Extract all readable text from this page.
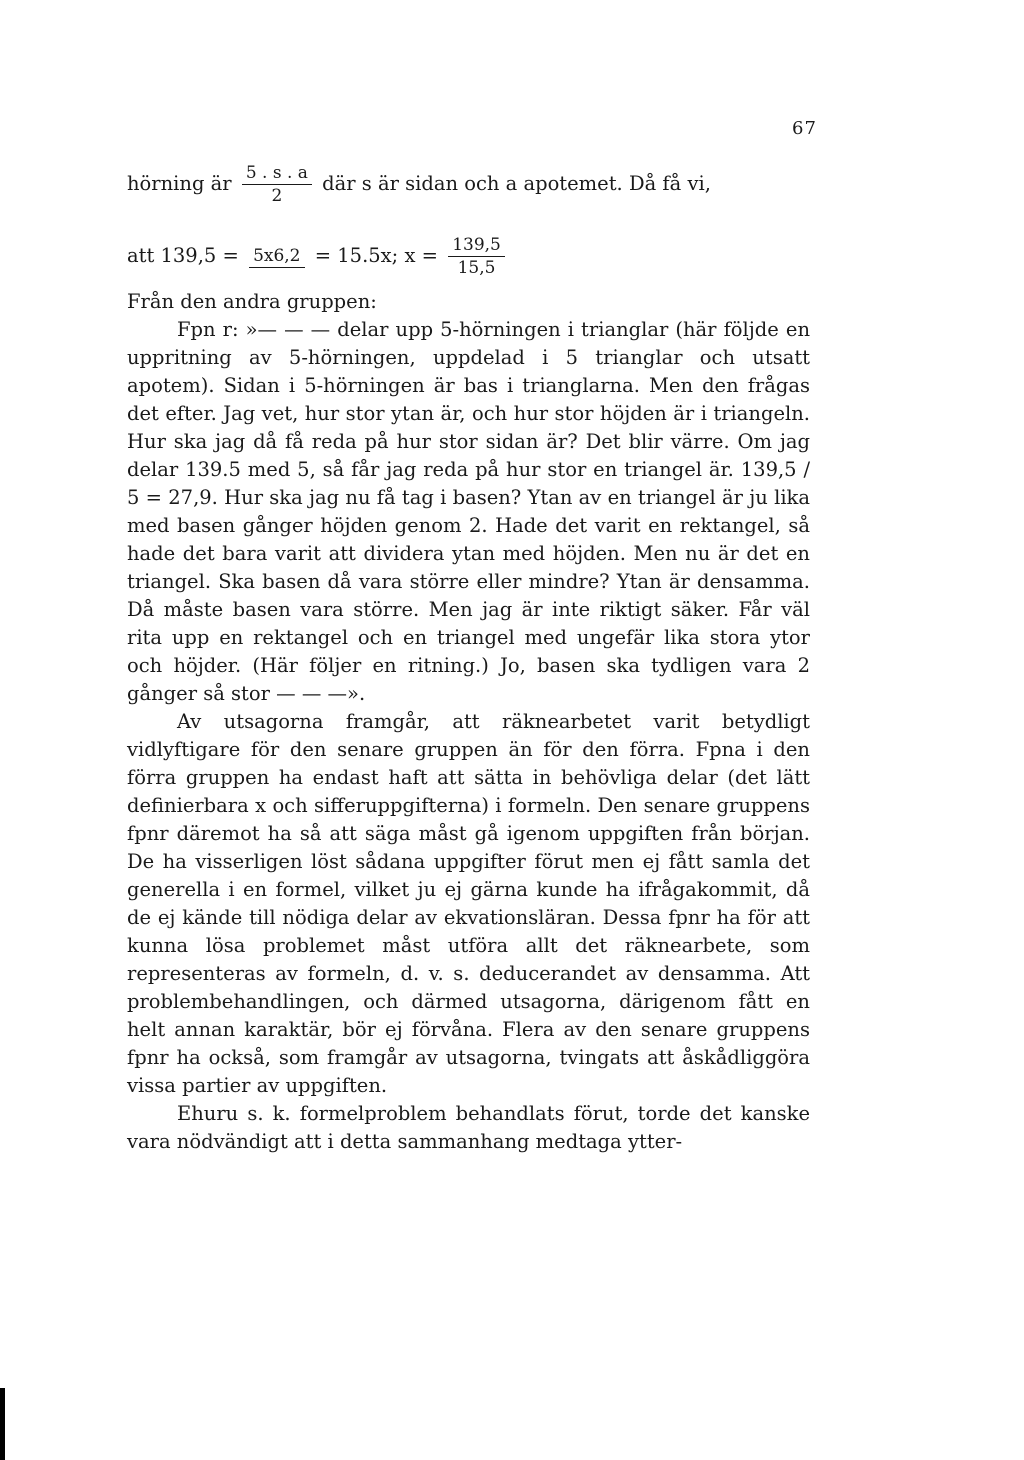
67
hörning är $\frac{5 . s . a}{2}$ där s är sidan och a apotemet. Då få vi,
att 139,5 = 5x6,2 = 15.5x; $x = \frac{139,5}{15,5}$

Från den andra gruppen:

Fpn r: »— — — delar upp 5-hörningen i trianglar (här följde en uppritning av 5-hörningen, uppdelad i 5 trianglar och utsatt apotem). Sidan i 5-hörningen är bas i trianglarna. Men den frågas det efter. Jag vet, hur stor ytan är, och hur stor höjden är i triangeln. Hur ska jag då få reda på hur stor sidan är? Det blir värre. Om jag delar 139.5 med 5, så får jag reda på hur stor en triangel är. 139,5 / 5 = 27,9. Hur ska jag nu få tag i basen? Ytan av en triangel är ju lika med basen gånger höjden genom 2. Hade det varit en rektangel, så hade det bara varit att dividera ytan med höjden. Men nu är det en triangel. Ska basen då vara större eller mindre? Ytan är densamma. Då måste basen vara större. Men jag är inte riktigt säker. Får väl rita upp en rektangel och en triangel med ungefär lika stora ytor och höjder. (Här följer en ritning.) Jo, basen ska tydligen vara 2 gånger så stor — — —».

Av utsagorna framgår, att räknearbetet varit betydligt vidlyftigare för den senare gruppen än för den förra. Fpna i den förra gruppen ha endast haft att sätta in behövliga delar (det lätt definierbara x och sifferuppgifterna) i formeln. Den senare gruppens fpnr däremot ha så att säga måst gå igenom uppgiften från början. De ha visserligen löst sådana uppgifter förut men ej fått samla det generella i en formel, vilket ju ej gärna kunde ha ifrågakommit, då de ej kände till nödiga delar av ekvationsläran. Dessa fpnr ha för att kunna lösa problemet måst utföra allt det räknearbete, som representeras av formeln, d. v. s. deducerandet av densamma. Att problembehandlingen, och därmed utsagorna, därigenom fått en helt annan karaktär, bör ej förvåna. Flera av den senare gruppens fpnr ha också, som framgår av utsagorna, tvingats att åskådliggöra vissa partier av uppgiften.

Ehuru s. k. formelproblem behandlats förut, torde det kanske vara nödvändigt att i detta sammanhang medtaga ytter-
